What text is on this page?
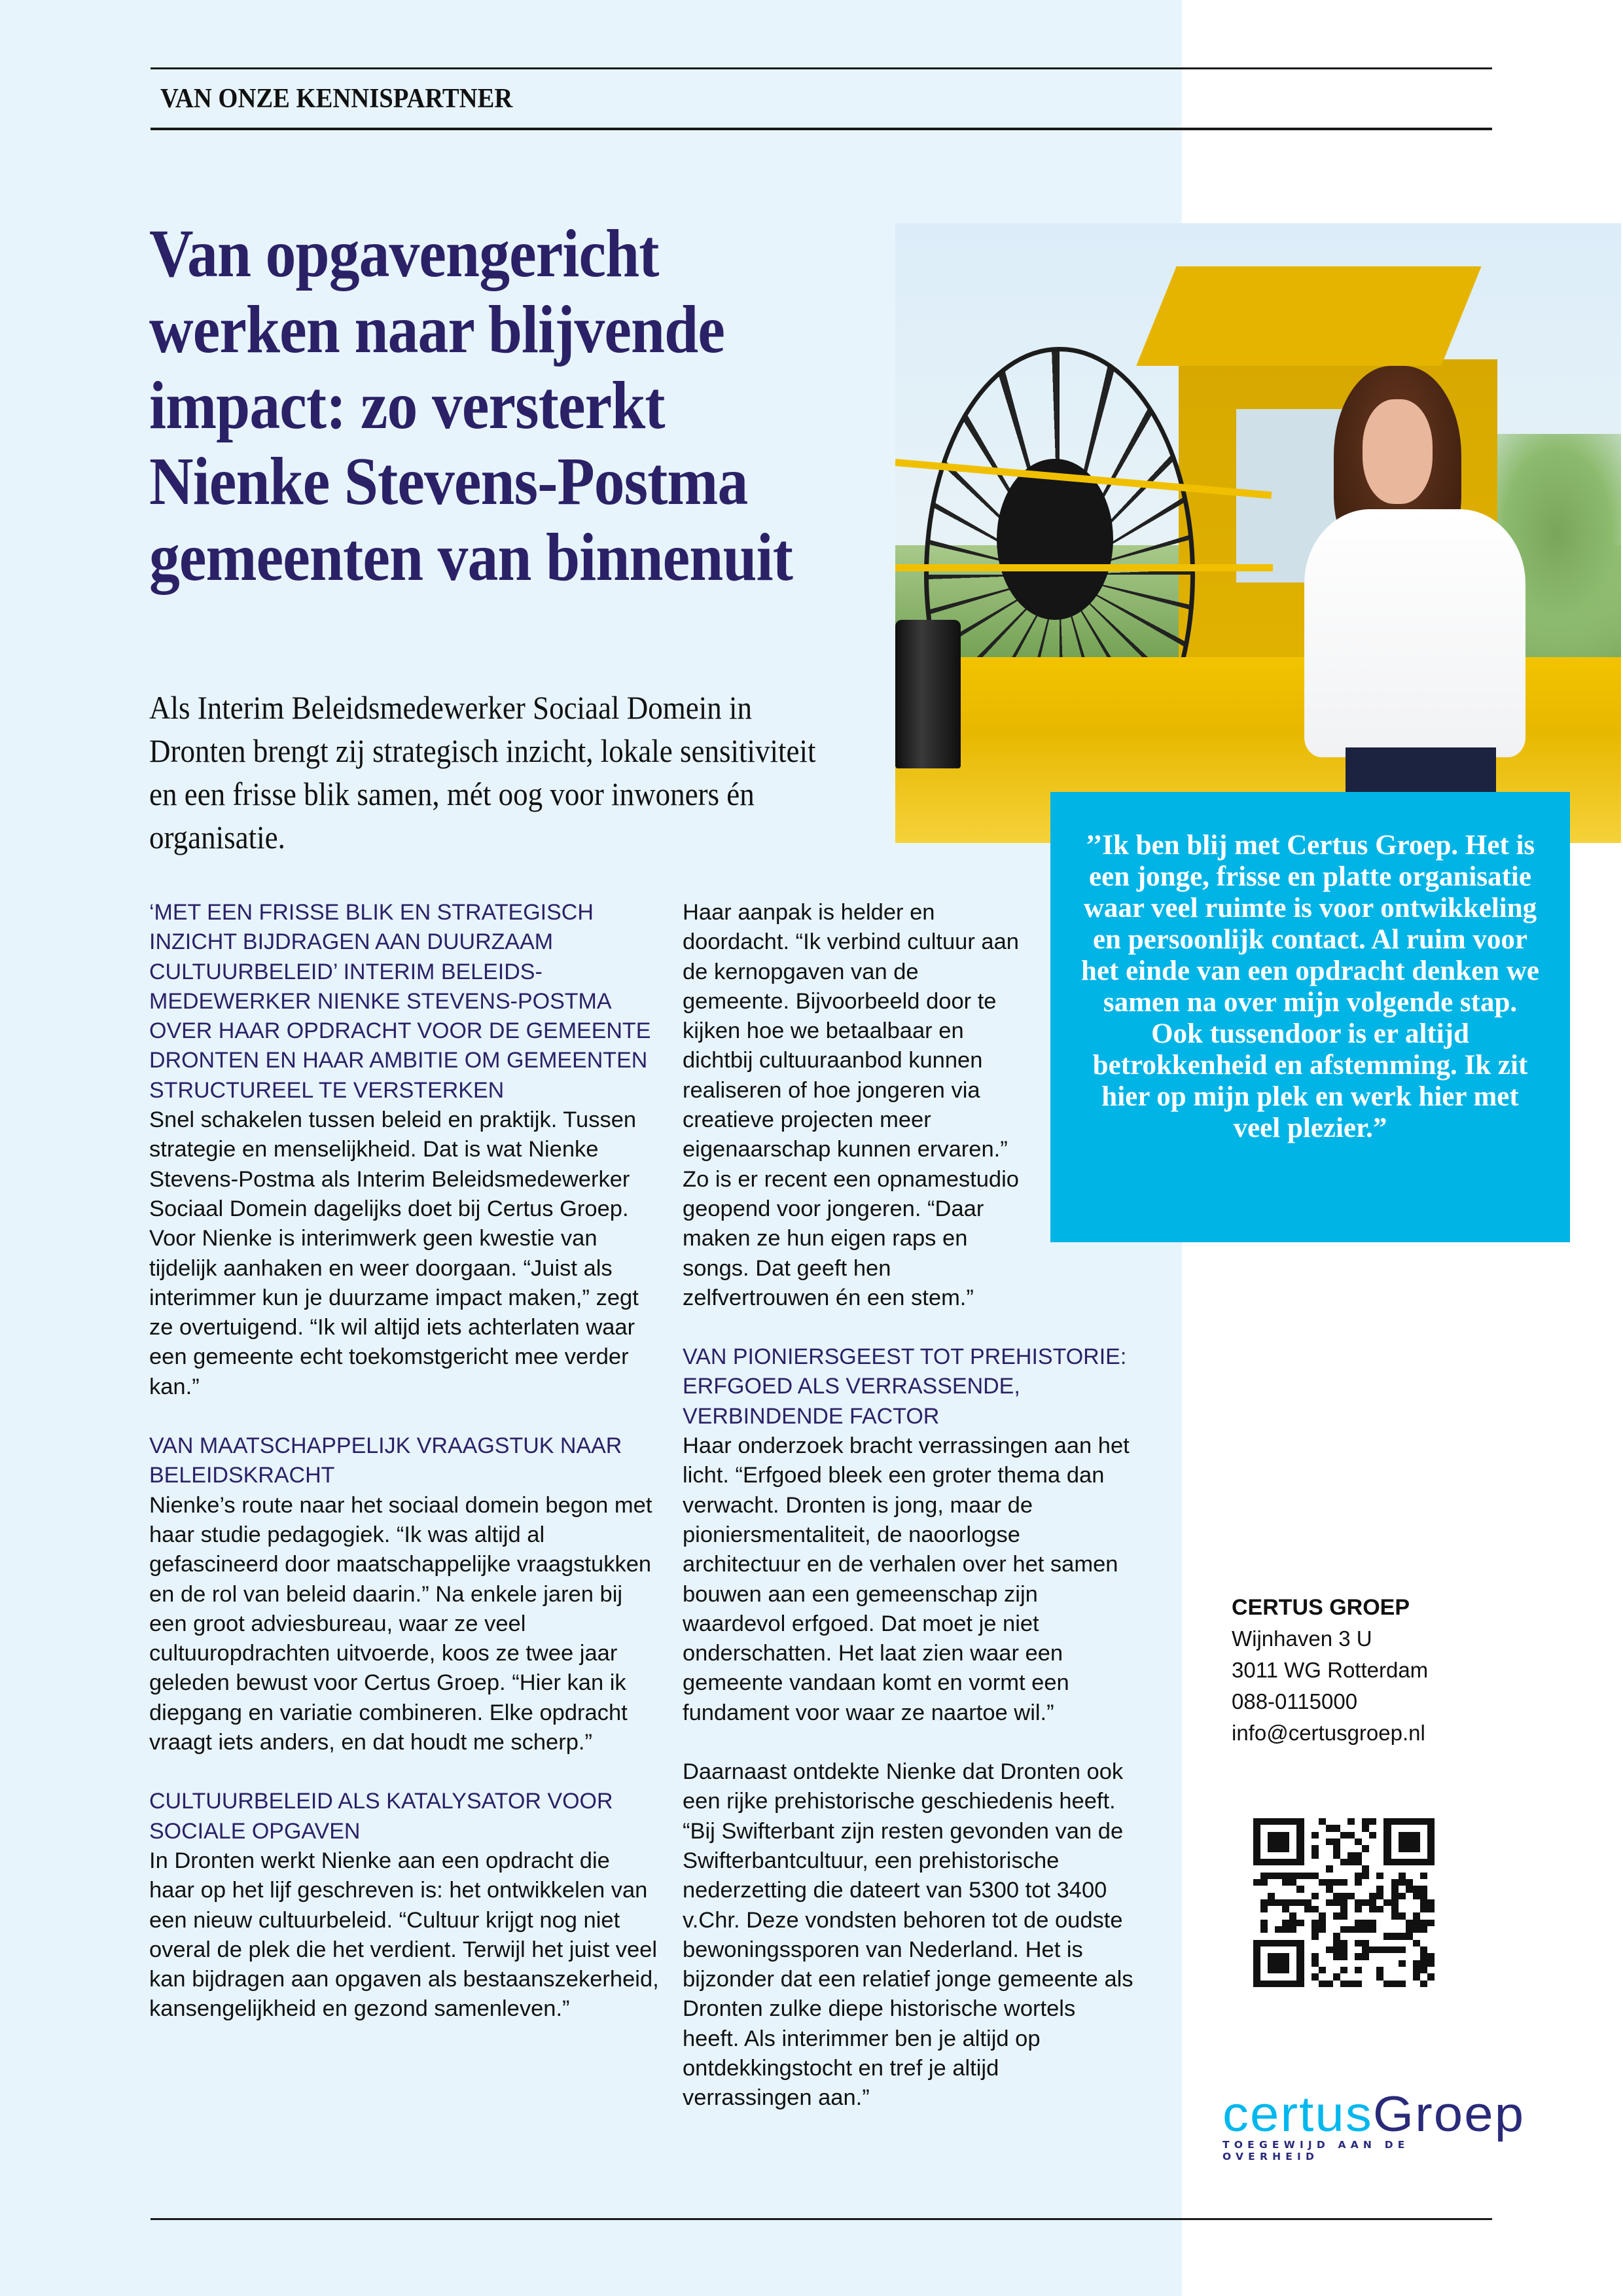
VAN ONZE KENNISPARTNER
Van opgavengericht werken naar blijvende impact: zo versterkt Nienke Stevens-Postma gemeenten van binnenuit
Als Interim Beleidsmedewerker Sociaal Domein in Dronten brengt zij strategisch inzicht, lokale sensitiviteit en een frisse blik samen, mét oog voor inwoners én organisatie.	’’Ik ben blij met Certus Groep. Het is een jonge, frisse en platte organisatie waar veel ruimte is voor ontwikkeling en persoonlijk contact. Al ruim voor het einde van een opdracht denken we samen na over mijn volgende stap. Ook tussendoor is er altijd betrokkenheid en afstemming. Ik zit hier op mijn plek en werk hier met veel plezier.”

‘MET EEN FRISSE BLIK EN STRATEGISCH INZICHT BIJDRAGEN AAN DUURZAAM CULTUURBELEID’ INTERIM BELEIDS-MEDEWERKER NIENKE STEVENS-POSTMA OVER HAAR OPDRACHT VOOR DE GEMEENTE DRONTEN EN HAAR AMBITIE OM GEMEENTEN STRUCTUREEL TE VERSTERKEN

Snel schakelen tussen beleid en praktijk. Tussen strategie en menselijkheid. Dat is wat Nienke Stevens-Postma als Interim Beleidsmedewerker Sociaal Domein dagelijks doet bij Certus Groep. Voor Nienke is interimwerk geen kwestie van tijdelijk aanhaken en weer doorgaan. “Juist als interimmer kun je duurzame impact maken,” zegt ze overtuigend. “Ik wil altijd iets achterlaten waar een gemeente echt toekomstgericht mee verder kan.”

VAN MAATSCHAPPELIJK VRAAGSTUK NAAR BELEIDSKRACHT

Nienke’s route naar het sociaal domein begon met haar studie pedagogiek. “Ik was altijd al gefascineerd door maatschappelijke vraagstukken en de rol van beleid daarin.” Na enkele jaren bij een groot adviesbureau, waar ze veel cultuuropdrachten uitvoerde, koos ze twee jaar geleden bewust voor Certus Groep. “Hier kan ik diepgang en variatie combineren. Elke opdracht vraagt iets anders, en dat houdt me scherp.”

CULTUURBELEID ALS KATALYSATOR VOOR SOCIALE OPGAVEN

In Dronten werkt Nienke aan een opdracht die haar op het lijf geschreven is: het ontwikkelen van een nieuw cultuurbeleid. “Cultuur krijgt nog niet overal de plek die het verdient. Terwijl het juist veel kan bijdragen aan opgaven als bestaanszekerheid, kansengelijkheid en gezond samenleven.”

Haar aanpak is helder en doordacht. “Ik verbind cultuur aan de kernopgaven van de gemeente. Bijvoorbeeld door te kijken hoe we betaalbaar en dichtbij cultuuraanbod kunnen realiseren of hoe jongeren via creatieve projecten meer eigenaarschap kunnen ervaren.” Zo is er recent een opnamestudio geopend voor jongeren. “Daar maken ze hun eigen raps en songs. Dat geeft hen zelfvertrouwen én een stem.”

VAN PIONIERSGEEST TOT PREHISTORIE: ERFGOED ALS VERRASSENDE, VERBINDENDE FACTOR

Haar onderzoek bracht verrassingen aan het licht. “Erfgoed bleek een groter thema dan verwacht. Dronten is jong, maar de pioniersmentaliteit, de naoorlogse architectuur en de verhalen over het samen bouwen aan een gemeenschap zijn waardevol erfgoed. Dat moet je niet onderschatten. Het laat zien waar een gemeente vandaan komt en vormt een fundament voor waar ze naartoe wil.”

Daarnaast ontdekte Nienke dat Dronten ook een rijke prehistorische geschiedenis heeft. “Bij Swifterbant zijn resten gevonden van de Swifterbantcultuur, een prehistorische nederzetting die dateert van 5300 tot 3400 v.Chr. Deze vondsten behoren tot de oudste bewoningssporen van Nederland. Het is bijzonder dat een relatief jonge gemeente als Dronten zulke diepe historische wortels heeft. Als interimmer ben je altijd op ontdekkingstocht en tref je altijd verrassingen aan.”

CERTUS GROEP
Wijnhaven 3 U
3011 WG Rotterdam
088-0115000
info@certusgroep.nl
certusGroep
TOEGEWIJD AAN DE OVERHEID
